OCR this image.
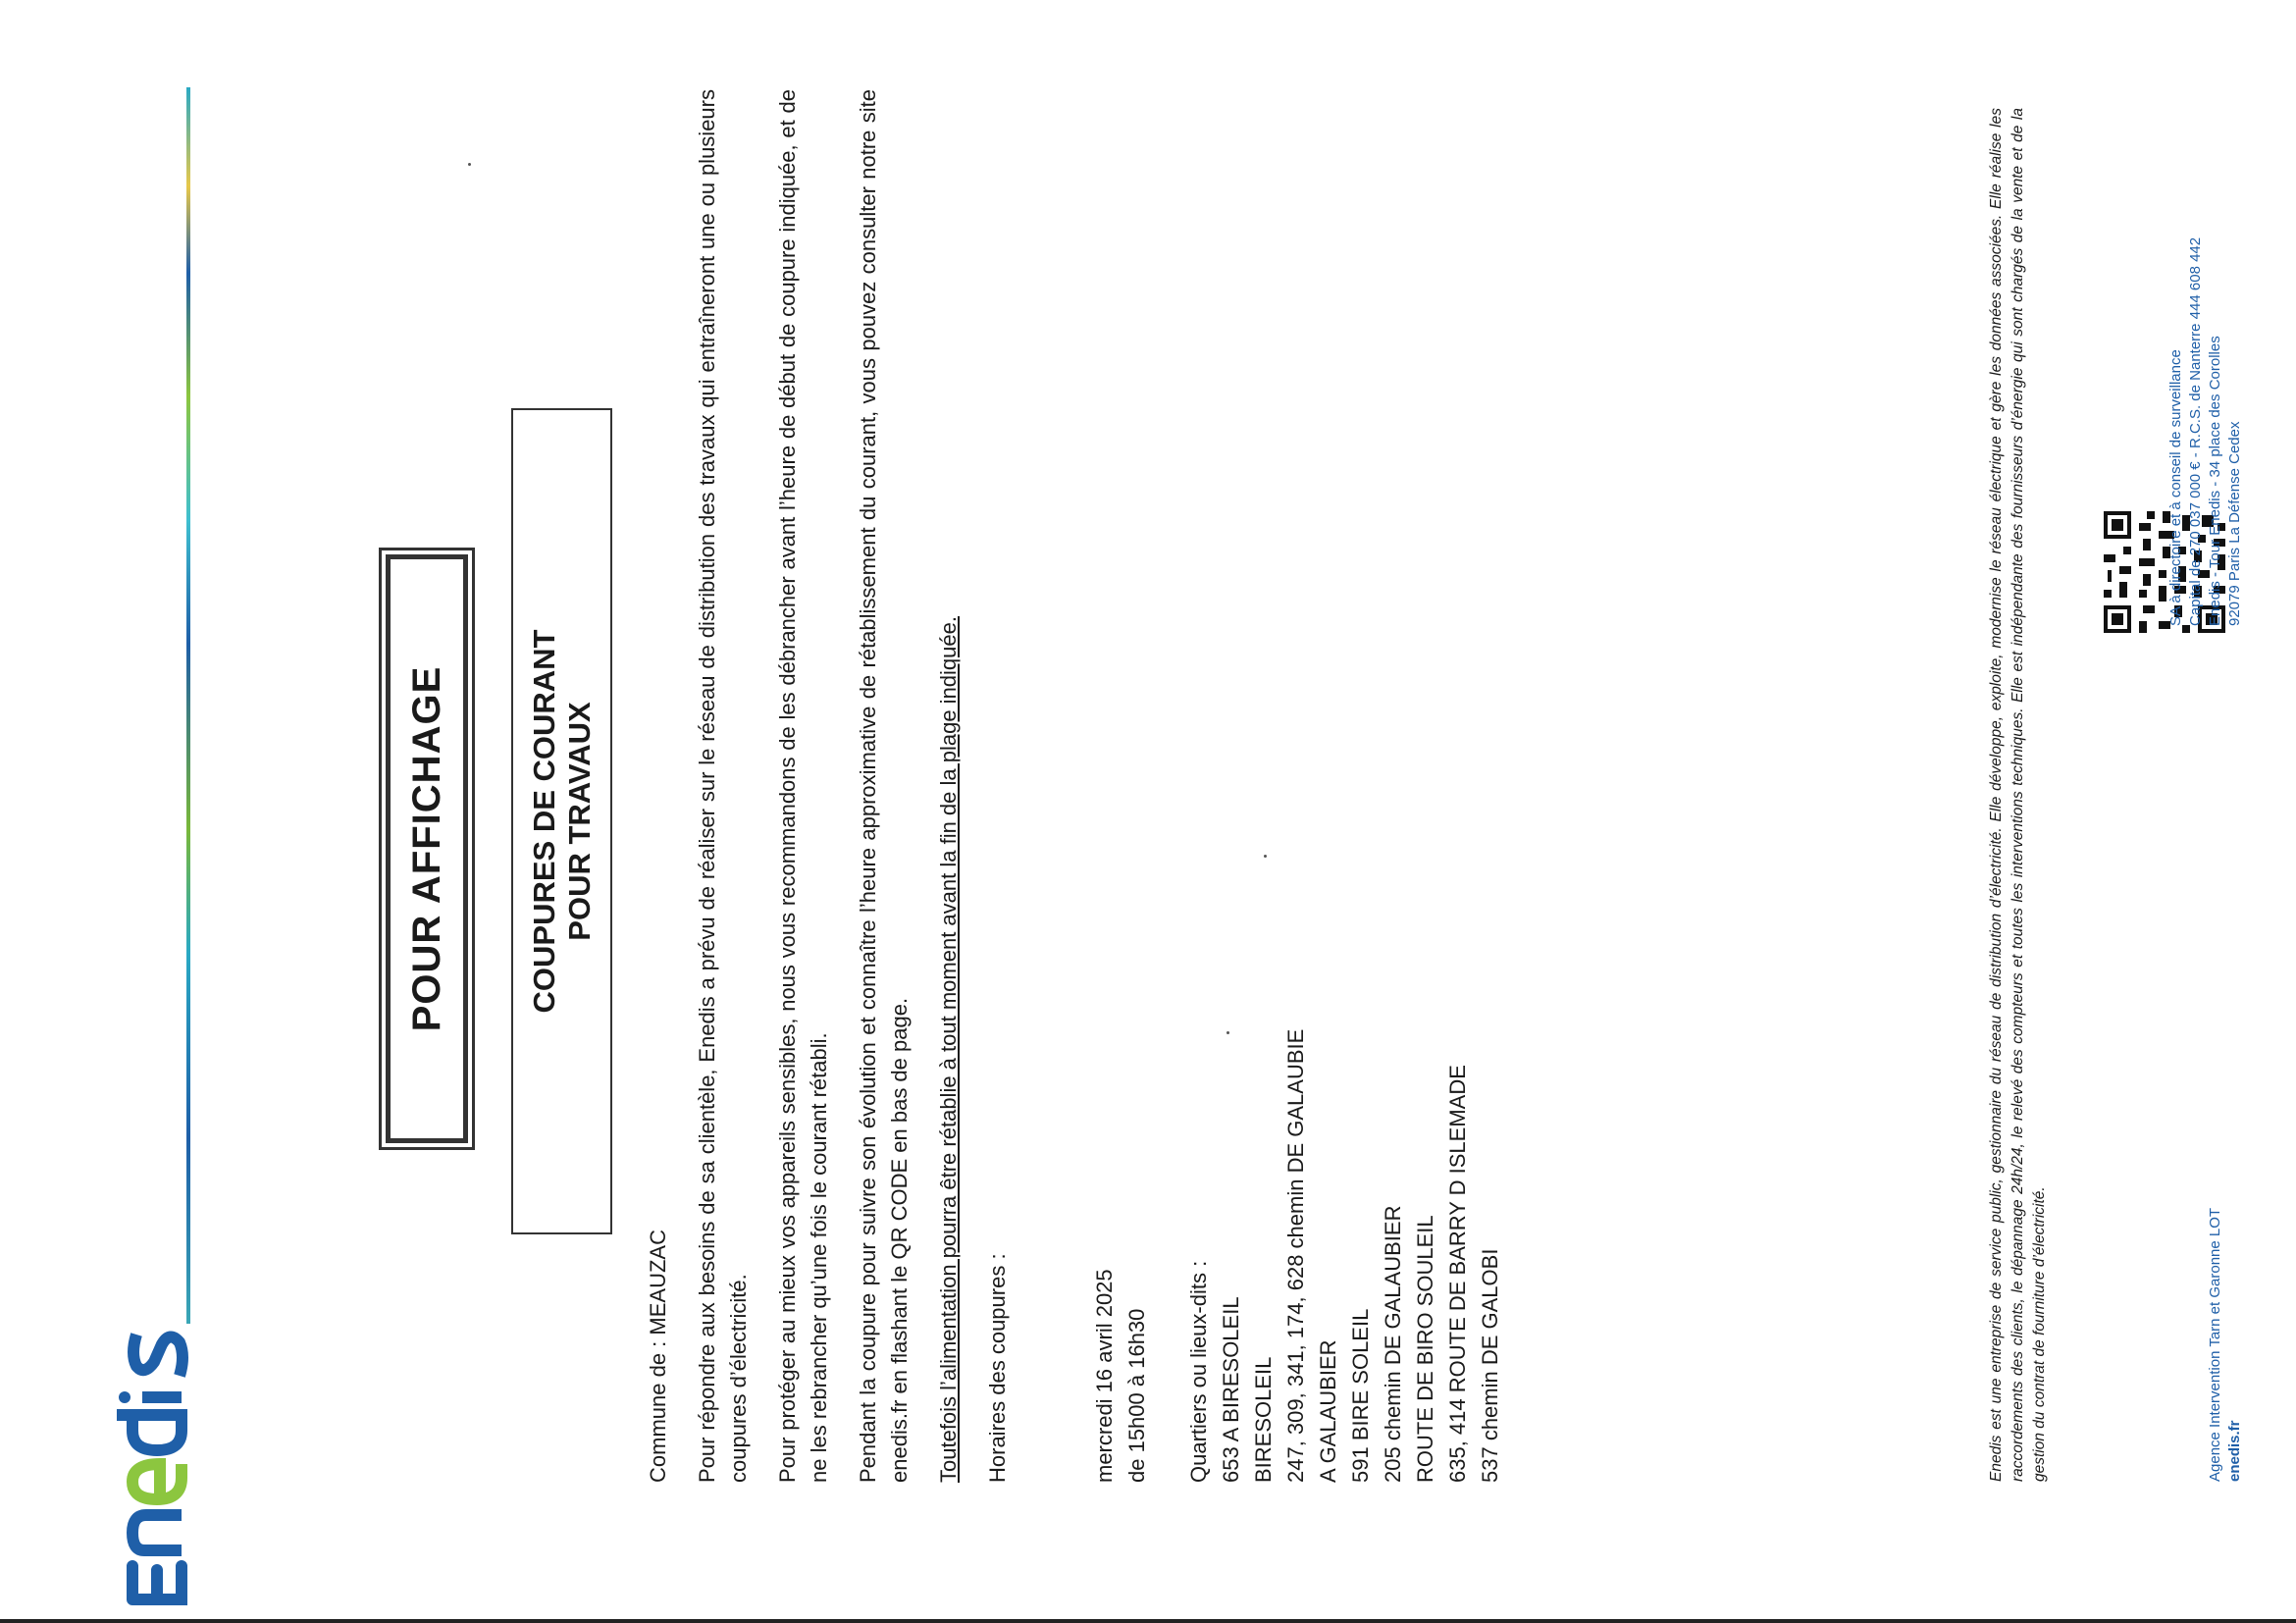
POUR AFFICHAGE	COUPURES DE COURANT POUR TRAVAUX

Commune de : MEAUZAC Pour répondre aux besoins de sa clientèle, Enedis a prévu de réaliser sur le réseau de distribution des travaux qui entraîneront une ou plusieurs coupures d’électricité. Pour protéger au mieux vos appareils sensibles, nous vous recommandons de les débrancher avant l’heure de début de coupure indiquée, et de ne les rebrancher qu’une fois le courant rétabli. Pendant la coupure pour suivre son évolution et connaître l’heure approximative de rétablissement du courant, vous pouvez consulter notre site enedis.fr en flashant le QR CODE en bas de page. Toutefois l’alimentation pourra être rétablie à tout moment avant la fin de la plage indiquée. Horaires des coupures :	mercredi 16 avril 2025 de 15h00 à 16h30 Quartiers ou lieux-dits : 653 A BIRESOLEIL BIRESOLEIL 247, 309, 341, 174, 628 chemin DE GALAUBIE A GALAUBIER 591 BIRE SOLEIL 205 chemin DE GALAUBIER ROUTE DE BIRO SOULEIL 635, 414 ROUTE DE BARRY D ISLEMADE 537 chemin DE GALOBI	Enedis est une entreprise de service public, gestionnaire du réseau de distribution d’électricité. Elle développe, exploite, modernise le réseau électrique et gère les données associées. Elle réalise les raccordements des clients, le dépannage 24h/24, le relevé des compteurs et toutes les interventions techniques. Elle est indépendante des fournisseurs d’énergie qui sont chargés de la vente et de la gestion du contrat de fourniture d’électricité.	Agence Intervention Tarn et Garonne LOT enedis.fr
SA à directoire et à conseil de surveillance Capital de 270 037 000 € - R.C.S. de Nanterre 444 608 442 Enedis - Tour Enedis - 34 place des Corolles 92079 Paris La Défense Cedex
